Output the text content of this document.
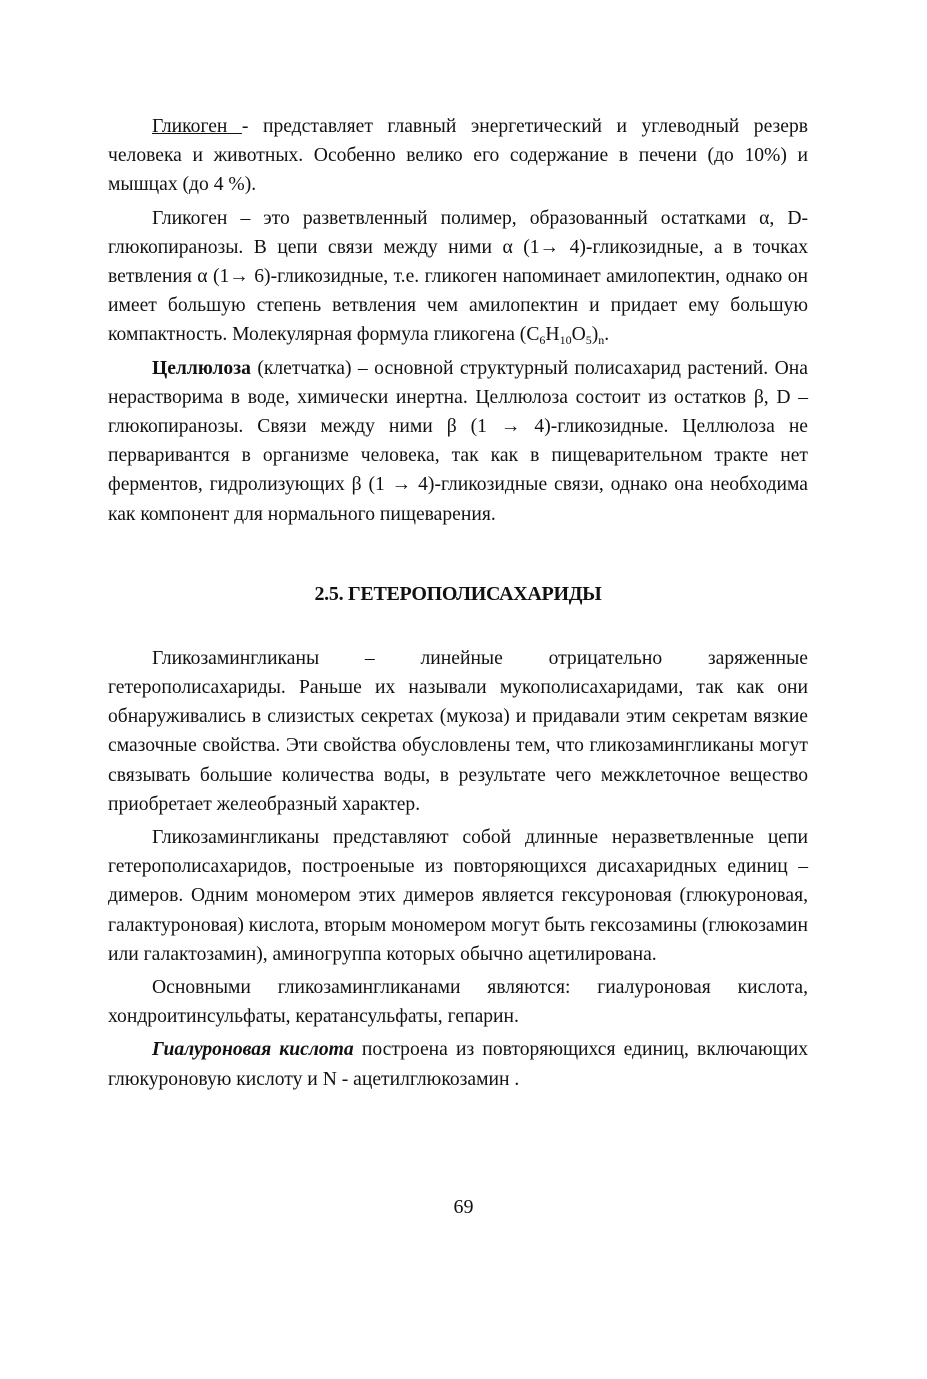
Гликоген - представляет главный энергетический и углеводный резерв человека и животных. Особенно велико его содержание в печени (до 10%) и мышцах (до 4 %).

Гликоген – это разветвленный полимер, образованный остатками α, D-глюкопиранозы. В цепи связи между ними α (1→ 4)-гликозидные, а в точках ветвления α (1→ 6)-гликозидные, т.е. гликоген напоминает амилопектин, однако он имеет большую степень ветвления чем амилопектин и придает ему большую компактность. Молекулярная формула гликогена $(C_6H_{10}O_5)_n$.

Целлюлоза (клетчатка) – основной структурный полисахарид растений. Она нерастворима в воде, химически инертна. Целлюлоза состоит из остатков β, D – глюкопиранозы. Связи между ними β (1 → 4)-гликозидные. Целлюлоза не перваривантся в организме человека, так как в пищеварительном тракте нет ферментов, гидролизующих β (1 → 4)-гликозидные связи, однако она необходима как компонент для нормального пищеварения.

2.5. ГЕТЕРОПОЛИСАХАРИДЫ

Гликозамингликаны – линейные отрицательно заряженные гетерополисахариды. Раньше их называли мукополисахаридами, так как они обнаруживались в слизистых секретах (мукоза) и придавали этим секретам вязкие смазочные свойства. Эти свойства обусловлены тем, что гликозамингликаны могут связывать большие количества воды, в результате чего межклеточное вещество приобретает желеобразный характер.

Гликозамингликаны представляют собой длинные неразветвленные цепи гетерополисахаридов, построеныые из повторяющихся дисахаридных единиц – димеров. Одним мономером этих димеров является гексуроновая (глюкуроновая, галактуроновая) кислота, вторым мономером могут быть гексозамины (глюкозамин или галактозамин), аминогруппа которых обычно ацетилирована.

Основными гликозамингликанами являются: гиалуроновая кислота, хондроитинсульфаты, кератансульфаты, гепарин.

Гиалуроновая кислота построена из повторяющихся единиц, включающих глюкуроновую кислоту и N - ацетилглюкозамин .

69
